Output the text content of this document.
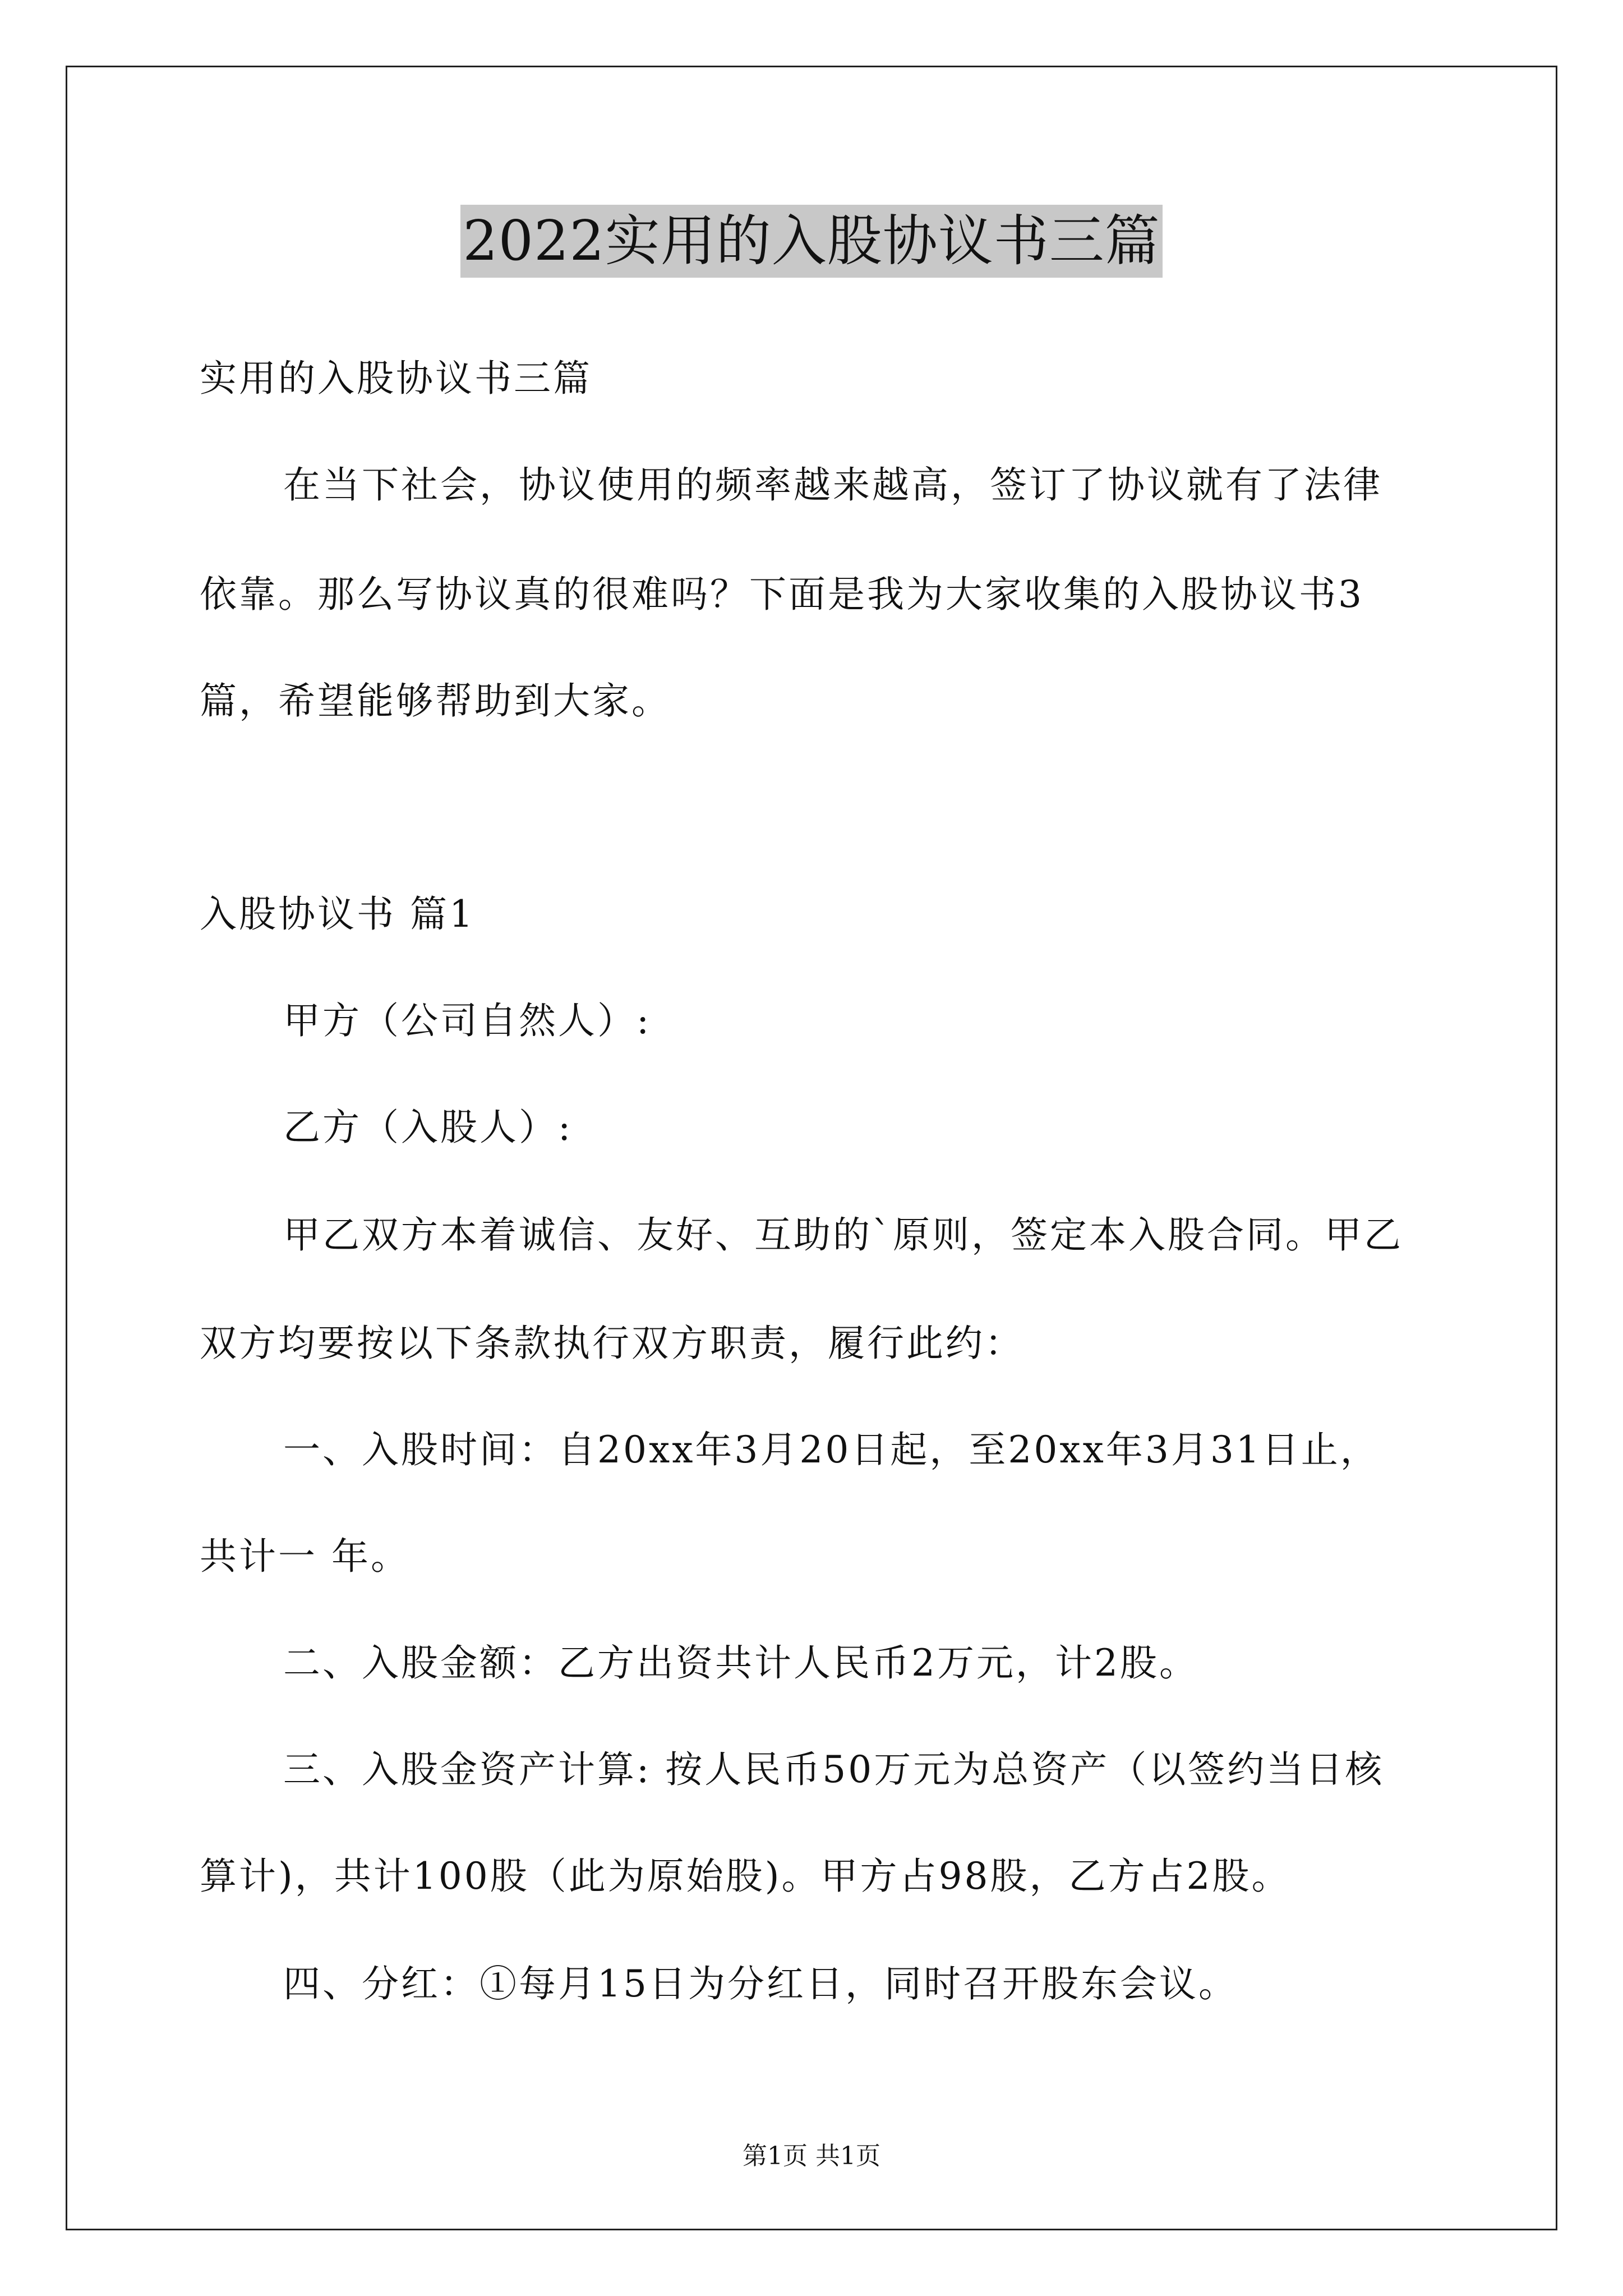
2022实用的入股协议书三篇
实用的入股协议书三篇
在当下社会，协议使用的频率越来越高，签订了协议就有了法律
依靠。那么写协议真的很难吗？下面是我为大家收集的入股协议书3
篇，希望能够帮助到大家。
入股协议书 篇1
甲方（公司自然人）:
乙方（入股人）:
甲乙双方本着诚信、友好、互助的`原则，签定本入股合同。甲乙
双方均要按以下条款执行双方职责，履行此约：
一、入股时间：自20xx年3月20日起，至20xx年3月31日止，
共计一 年。
二、入股金额：乙方出资共计人民币2万元，计2股。
三、入股金资产计算: 按人民币50万元为总资产（以签约当日核
算计)，共计100股（此为原始股)。甲方占98股，乙方占2股。
四、分红：①每月15日为分红日，同时召开股东会议。
第1页 共1页
